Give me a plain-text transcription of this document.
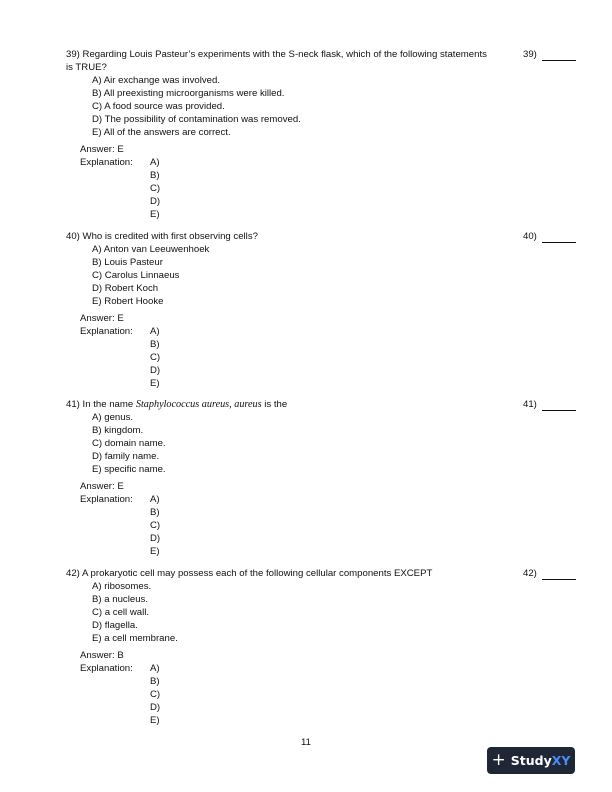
39) Regarding Louis Pasteur’s experiments with the S-neck flask, which of the following statements is TRUE?
39)
A) Air exchange was involved.
B) All preexisting microorganisms were killed.
C) A food source was provided.
D) The possibility of contamination was removed.
E) All of the answers are correct.
Answer: E
Explanation: A)
B)
C)
D)
E)
40) Who is credited with first observing cells?	40)
A) Anton van Leeuwenhoek
B) Louis Pasteur
C) Carolus Linnaeus
D) Robert Koch
E) Robert Hooke
Answer: E
Explanation: A)
B)
C)
D)
E)
41) In the name Staphylococcus aureus, aureus is the	41)
A) genus.
B) kingdom.
C) domain name.
D) family name.
E) specific name.
Answer: E
Explanation: A)
B)
C)
D)
E)
42) A prokaryotic cell may possess each of the following cellular components EXCEPT	42)
A) ribosomes.
B) a nucleus.
C) a cell wall.
D) flagella.
E) a cell membrane.
Answer: B
Explanation: A)
B)
C)
D)
E)
11
+ StudyXY
